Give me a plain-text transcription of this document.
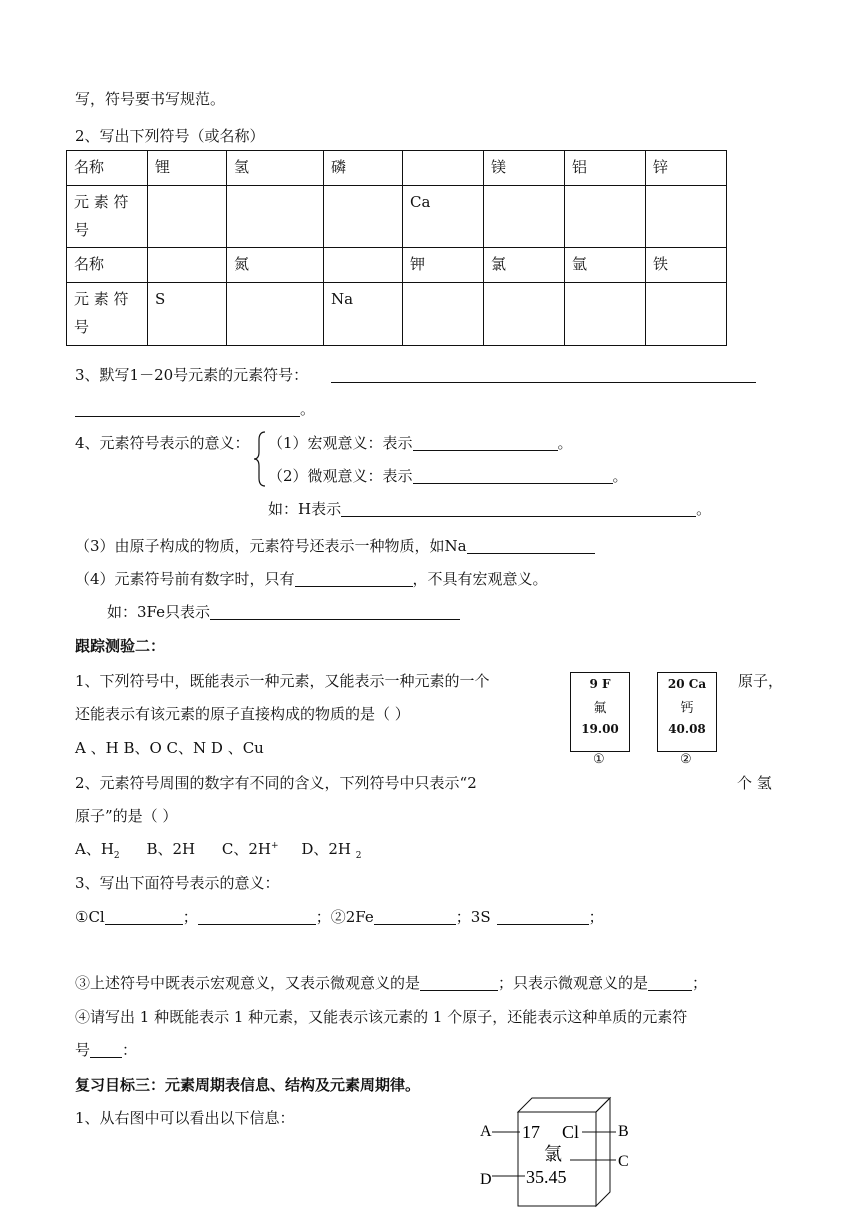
写，符号要书写规范。
2、写出下列符号（或名称）
名称	锂	氢	磷		镁	铝	锌
元 素 符 号				Ca			
名称		氮		钾	氯	氩	铁
元 素 符 号	S		Na				
3、默写1－20号元素的元素符号：
。
4、元素符号表示的意义： （1）宏观意义：表示	。
（2）微观意义：表示	。
如：H表示	。
（3）由原子构成的物质，元素符号还表示一种物质，如Na
（4）元素符号前有数字时，只有	，不具有宏观意义。
如：3Fe只表示
跟踪测验二：
1、下列符号中，既能表示一种元素，又能表示一种元素的一个	原子，
还能表示有该元素的原子直接构成的物质的是（ ）
A 、H B、O C、N D 、Cu
9 F
氟
19.00
①
20 Ca
钙
40.08
②
2、元素符号周围的数字有不同的含义，下列符号中只表示“2	个 氢
原子”的是（ ）
A、$H_2$ B、2H C、2H+ D、2H $_2$
3、写出下面符号表示的意义：
①Cl	；	；②2Fe	；3S	；
③上述符号中既表示宏观意义，又表示微观意义的是	；只表示微观意义的是	；
④请写出 1 种既能表示 1 种元素，又能表示该元素的 1 个原子，还能表示这种单质的元素符
号 ：
复习目标三：元素周期表信息、结构及元素周期律。
1、从右图中可以看出以下信息：
A	B
C
D
17 Cl
氯
35.45
